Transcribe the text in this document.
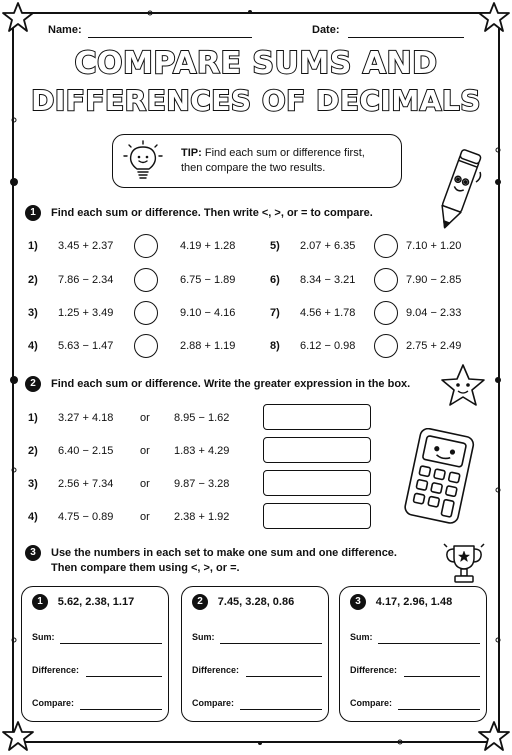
Name:	Date:
COMPARE SUMS AND
DIFFERENCES OF DECIMALS
TIP: Find each sum or difference first,
then compare the two results.
1	Find each sum or difference. Then write <, >, or = to compare.
1) 3.45 + 2.37	4.19 + 1.28
2) 7.86 − 2.34	6.75 − 1.89
3) 1.25 + 3.49	9.10 − 4.16
4) 5.63 − 1.47	2.88 + 1.19
5) 2.07 + 6.35	7.10 + 1.20
6) 8.34 − 3.21	7.90 − 2.85
7) 4.56 + 1.78	9.04 − 2.33
8) 6.12 − 0.98	2.75 + 2.49
2	Find each sum or difference. Write the greater expression in the box.
1) 3.27 + 4.18 or 8.95 − 1.62
2) 6.40 − 2.15 or 1.83 + 4.29
3) 2.56 + 7.34 or 9.87 − 3.28
4) 4.75 − 0.89 or 2.38 + 1.92
3	Use the numbers in each set to make one sum and one difference.
Then compare them using <, >, or =.
1	5.62, 2.38, 1.17
Sum:
Difference:
Compare:
2	7.45, 3.28, 0.86
Sum:
Difference:
Compare:
3	4.17, 2.96, 1.48
Sum:
Difference:
Compare:
